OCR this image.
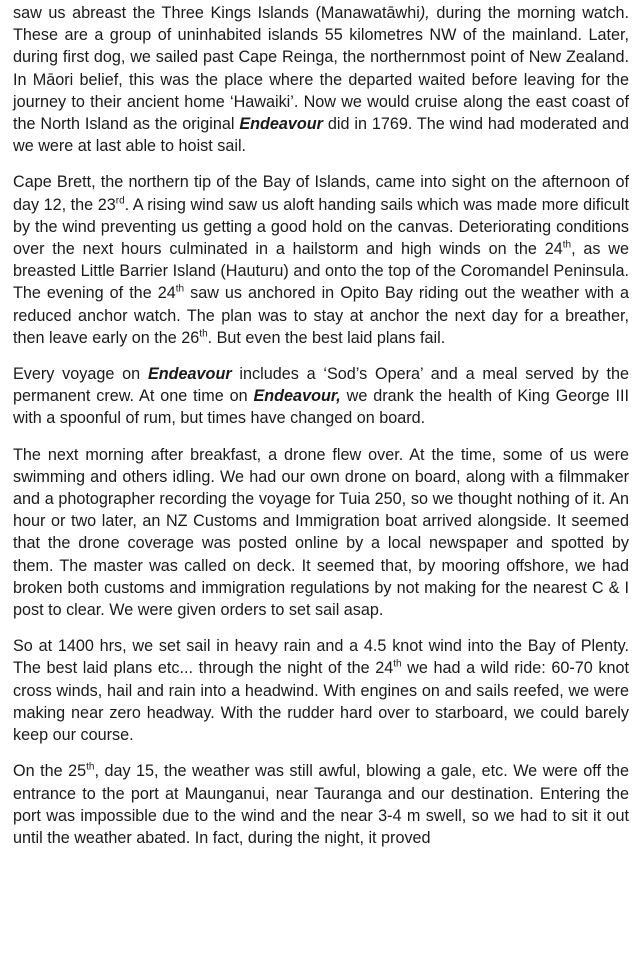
saw us abreast the Three Kings Islands (Manawatāwhi), during the morning watch. These are a group of uninhabited islands 55 kilometres NW of the mainland. Later, during first dog, we sailed past Cape Reinga, the northernmost point of New Zealand. In Māori belief, this was the place where the departed waited before leaving for the journey to their ancient home ‘Hawaiki’. Now we would cruise along the east coast of the North Island as the original Endeavour did in 1769. The wind had moderated and we were at last able to hoist sail.

Cape Brett, the northern tip of the Bay of Islands, came into sight on the afternoon of day 12, the 23rd. A rising wind saw us aloft handing sails which was made more dificult by the wind preventing us getting a good hold on the canvas. Deteriorating conditions over the next hours culminated in a hailstorm and high winds on the 24th, as we breasted Little Barrier Island (Hauturu) and onto the top of the Coromandel Peninsula. The evening of the 24th saw us anchored in Opito Bay riding out the weather with a reduced anchor watch. The plan was to stay at anchor the next day for a breather, then leave early on the 26th. But even the best laid plans fail.

Every voyage on Endeavour includes a ‘Sod’s Opera’ and a meal served by the permanent crew. At one time on Endeavour, we drank the health of King George III with a spoonful of rum, but times have changed on board.

The next morning after breakfast, a drone flew over. At the time, some of us were swimming and others idling. We had our own drone on board, along with a filmmaker and a photographer recording the voyage for Tuia 250, so we thought nothing of it. An hour or two later, an NZ Customs and Immigration boat arrived alongside. It seemed that the drone coverage was posted online by a local newspaper and spotted by them. The master was called on deck. It seemed that, by mooring offshore, we had broken both customs and immigration regulations by not making for the nearest C & I post to clear. We were given orders to set sail asap.

So at 1400 hrs, we set sail in heavy rain and a 4.5 knot wind into the Bay of Plenty. The best laid plans etc... through the night of the 24th we had a wild ride: 60-70 knot cross winds, hail and rain into a headwind. With engines on and sails reefed, we were making near zero headway. With the rudder hard over to starboard, we could barely keep our course.

On the 25th, day 15, the weather was still awful, blowing a gale, etc. We were off the entrance to the port at Maunganui, near Tauranga and our destination. Entering the port was impossible due to the wind and the near 3-4 m swell, so we had to sit it out until the weather abated. In fact, during the night, it proved
